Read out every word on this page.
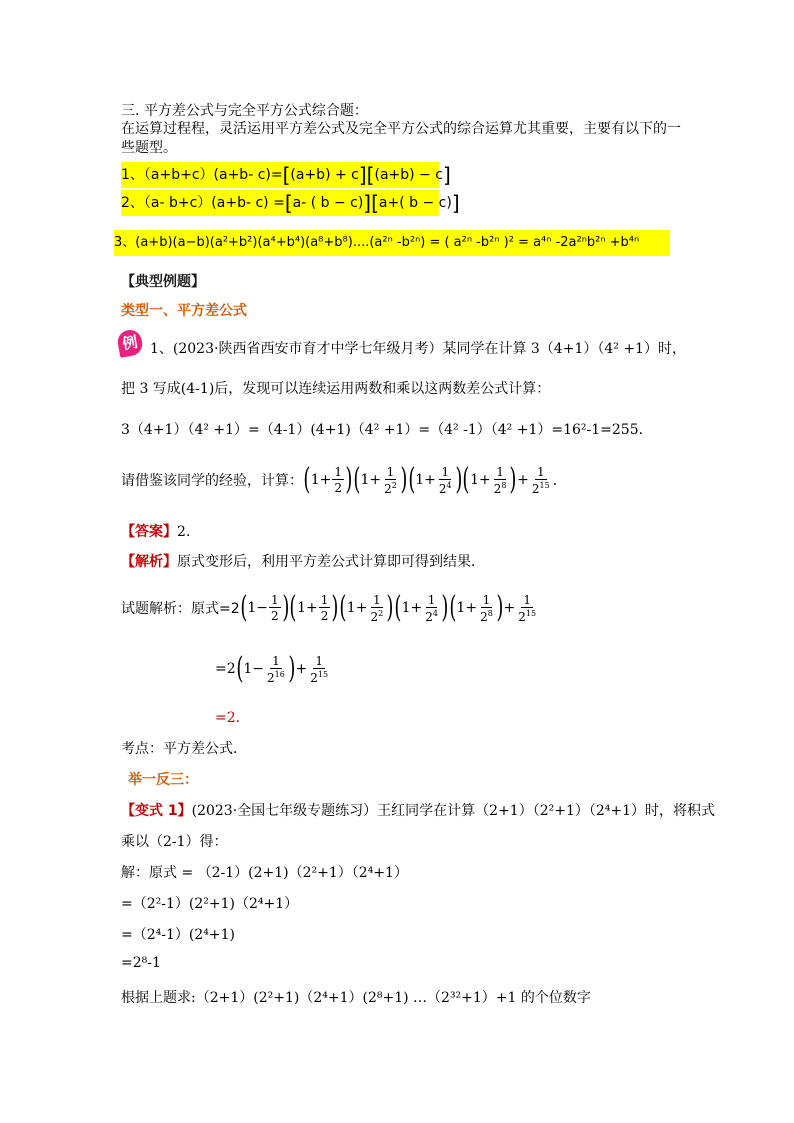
三. 平方差公式与完全平方公式综合题：
在运算过程程，灵活运用平方差公式及完全平方公式的综合运算尤其重要，主要有以下的一
些题型。
1、（a+b+c）(a+b- c)=[(a+b) + c][(a+b) − c]
2、（a- b+c）(a+b- c) =[a- ( b − c)][a+( b − c)]
3、(a+b)(a−b)(a²+b²)(a⁴+b⁴)(a⁸+b⁸)....(a²ⁿ -b²ⁿ) = ( a²ⁿ -b²ⁿ )² = a⁴ⁿ -2a²ⁿb²ⁿ +b⁴ⁿ
【典型例题】
类型一、平方差公式
例 1、(2023·陕西省西安市育才中学七年级月考）某同学在计算 3（4+1）（4² +1）时，
把 3 写成(4-1)后，发现可以连续运用两数和乘以这两数差公式计算：
3（4+1）（4² +1）=（4-1）(4+1)（4² +1）=（4² -1）（4² +1）=16²-1=255．
请借鉴该同学的经验，计算： ( $1+ \frac{1}{2}$ ) ( $1+ \frac{1}{2^2}$ ) ( $1+ \frac{1}{2^4}$ ) ( $1+ \frac{1}{2^8}$ ) + $\frac{1}{2^{15}}$ ．
【答案】2.
【解析】原式变形后，利用平方差公式计算即可得到结果．
试题解析：原式=2 ( $1- \frac{1}{2}$ ) ( $1+ \frac{1}{2}$ ) ( $1+ \frac{1}{2^2}$ ) ( $1+ \frac{1}{2^4}$ ) ( $1+ \frac{1}{2^8}$ ) + $\frac{1}{2^{15}}$
=2 ( $1- \frac{1}{2^{16}}$ ) + $\frac{1}{2^{15}}$
=2．
考点：平方差公式．
举一反三：
【变式 1】(2023·全国七年级专题练习）王红同学在计算（2+1）（2²+1）（2⁴+1）时，将积式
乘以（2-1）得：
解：原式 = （2-1）(2+1)（2²+1）（2⁴+1）
=（2²-1）(2²+1)（2⁴+1）
=（2⁴-1）(2⁴+1)
=2⁸-1
根据上题求:（2+1）(2²+1)（2⁴+1）(2⁸+1) …（2³²+1）+1 的个位数字
